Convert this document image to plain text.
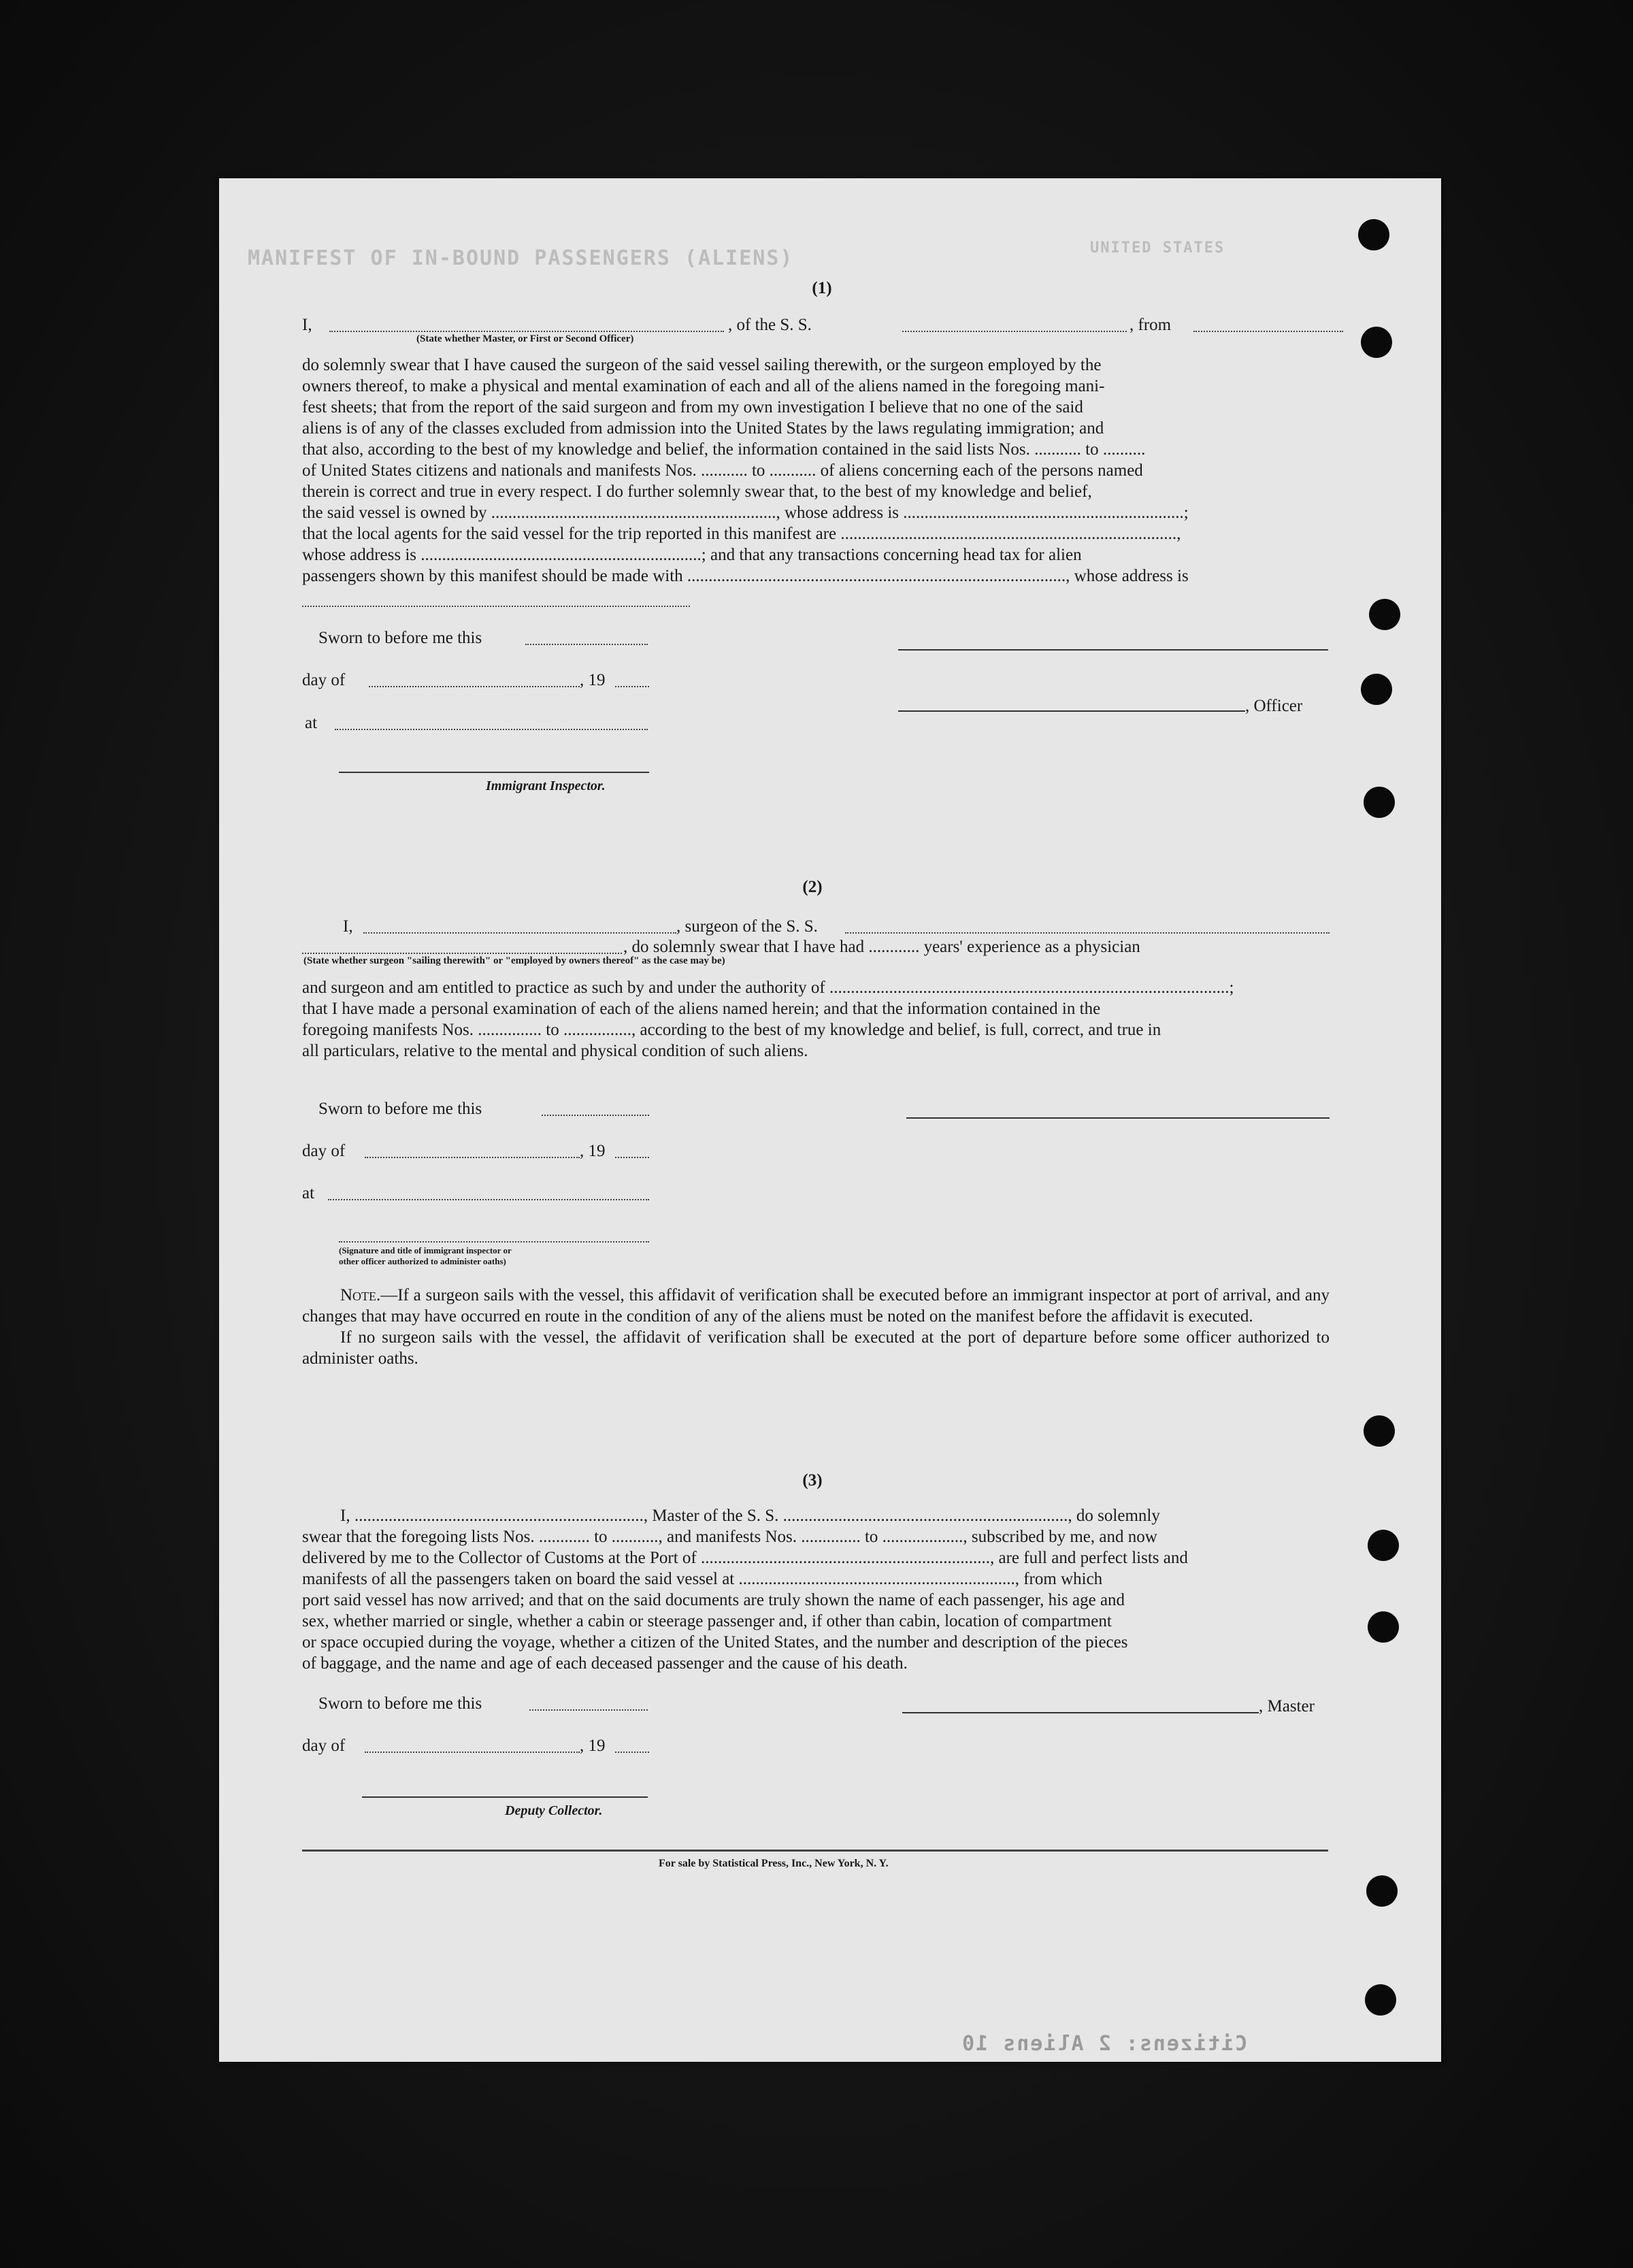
MANIFEST OF IN-BOUND PASSENGERS (ALIENS)	UNITED STATES
(1)
I,	, of the S. S.	, from
(State whether Master, or First or Second Officer)

do solemnly swear that I have caused the surgeon of the said vessel sailing therewith, or the surgeon employed by the

owners thereof, to make a physical and mental examination of each and all of the aliens named in the foregoing mani-

fest sheets; that from the report of the said surgeon and from my own investigation I believe that no one of the said

aliens is of any of the classes excluded from admission into the United States by the laws regulating immigration; and

that also, according to the best of my knowledge and belief, the information contained in the said lists Nos. ........... to ..........

of United States citizens and nationals and manifests Nos. ........... to ........... of aliens concerning each of the persons named

therein is correct and true in every respect. I do further solemnly swear that, to the best of my knowledge and belief,

the said vessel is owned by ..................................................................., whose address is ..................................................................;

that the local agents for the said vessel for the trip reported in this manifest are ...............................................................................,

whose address is ..................................................................; and that any transactions concerning head tax for alien

passengers shown by this manifest should be made with ........................................................................................., whose address is

Sworn to before me this
day of	, 19
, Officer
at
Immigrant Inspector.
(2)
I,	, surgeon of the S. S.
, do solemnly swear that I have had ............ years' experience as a physician
(State whether surgeon "sailing therewith" or "employed by owners thereof" as the case may be)

and surgeon and am entitled to practice as such by and under the authority of ..............................................................................................;

that I have made a personal examination of each of the aliens named herein; and that the information contained in the

foregoing manifests Nos. ............... to ................, according to the best of my knowledge and belief, is full, correct, and true in

all particulars, relative to the mental and physical condition of such aliens.

Sworn to before me this
day of	, 19
at
(Signature and title of immigrant inspector or
other officer authorized to administer oaths)

Note.—If a surgeon sails with the vessel, this affidavit of verification shall be executed before an immigrant inspector at port of arrival, and any changes that may have occurred en route in the condition of any of the aliens must be noted on the manifest before the affidavit is executed.

If no surgeon sails with the vessel, the affidavit of verification shall be executed at the port of departure before some officer authorized to administer oaths.

(3)

I, ...................................................................., Master of the S. S. ..................................................................., do solemnly

swear that the foregoing lists Nos. ............ to ..........., and manifests Nos. .............. to ..................., subscribed by me, and now

delivered by me to the Collector of Customs at the Port of ...................................................................., are full and perfect lists and

manifests of all the passengers taken on board the said vessel at ................................................................., from which

port said vessel has now arrived; and that on the said documents are truly shown the name of each passenger, his age and

sex, whether married or single, whether a cabin or steerage passenger and, if other than cabin, location of compartment

or space occupied during the voyage, whether a citizen of the United States, and the number and description of the pieces

of baggage, and the name and age of each deceased passenger and the cause of his death.

Sworn to before me this	, Master
day of	, 19
Deputy Collector.
For sale by Statistical Press, Inc., New York, N. Y.
Citizens: 2 Aliens 10
